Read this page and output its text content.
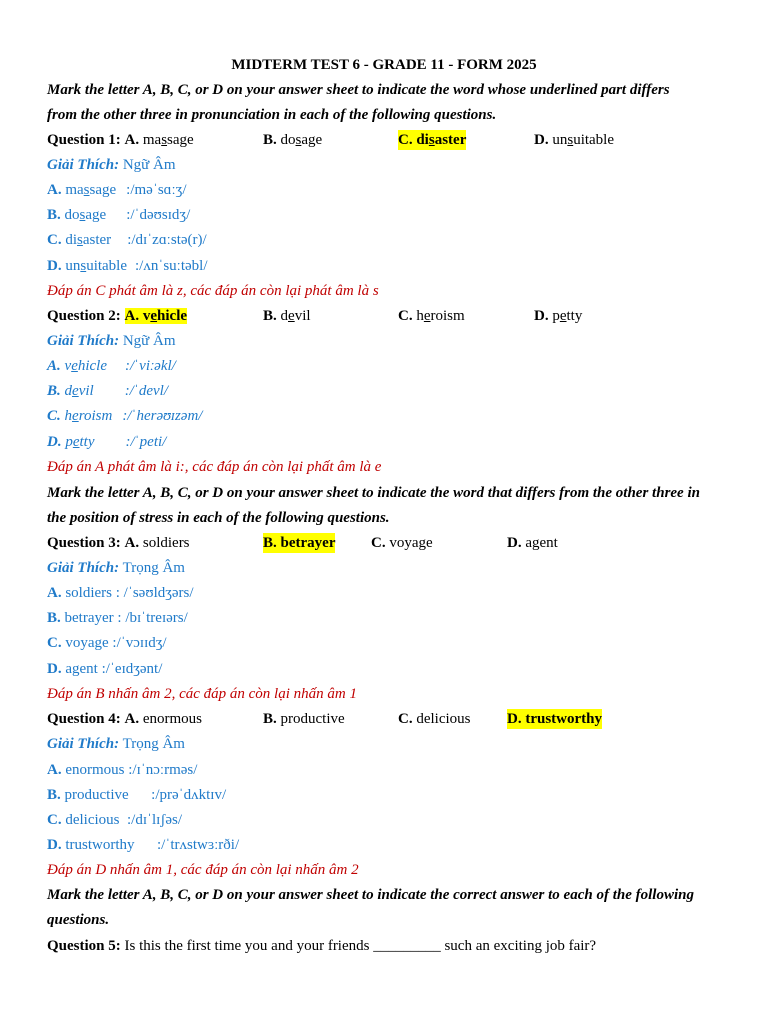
MIDTERM TEST 6 - GRADE 11 - FORM 2025
Mark the letter A, B, C, or D on your answer sheet to indicate the word whose underlined part differs
from the other three in pronunciation in each of the following questions.
Question 1: A. massage	B. dosage	C. disaster	D. unsuitable
Giải Thích: Ngữ Âm
A. massage :/məˈsɑːʒ/
B. dosage :/ˈdəʊsɪdʒ/
C. disaster :/dɪˈzɑːstə(r)/
D. unsuitable :/ʌnˈsuːtəbl/
Đáp án C phát âm là z, các đáp án còn lại phát âm là s
Question 2: A. vehicle	B. devil	C. heroism	D. petty
Giải Thích: Ngữ Âm
A. vehicle :/ˈviːəkl/
B. devil :/ˈdevl/
C. heroism :/ˈherəʊɪzəm/
D. petty :/ˈpeti/
Đáp án A phát âm là i:, các đáp án còn lại phất âm là e
Mark the letter A, B, C, or D on your answer sheet to indicate the word that differs from the other three in
the position of stress in each of the following questions.
Question 3: A. soldiers	B. betrayer C. voyage	D. agent
Giải Thích: Trọng Âm
A. soldiers : /ˈsəʊldʒərs/
B. betrayer : /bɪˈtreɪərs/
C. voyage :/ˈvɔɪɪdʒ/
D. agent :/ˈeɪdʒənt/
Đáp án B nhấn âm 2, các đáp án còn lại nhấn âm 1
Question 4: A. enormous	B. productive	C. delicious D. trustworthy
Giải Thích: Trọng Âm
A. enormous :/ɪˈnɔːrməs/
B. productive      :/prəˈdʌktɪv/
C. delicious  :/dɪˈlɪʃəs/
D. trustworthy      :/ˈtrʌstwɜːrði/
Đáp án D nhấn âm 1, các đáp án còn lại nhấn âm 2
Mark the letter A, B, C, or D on your answer sheet to indicate the correct answer to each of the following
questions.
Question 5: Is this the first time you and your friends _________ such an exciting job fair?
